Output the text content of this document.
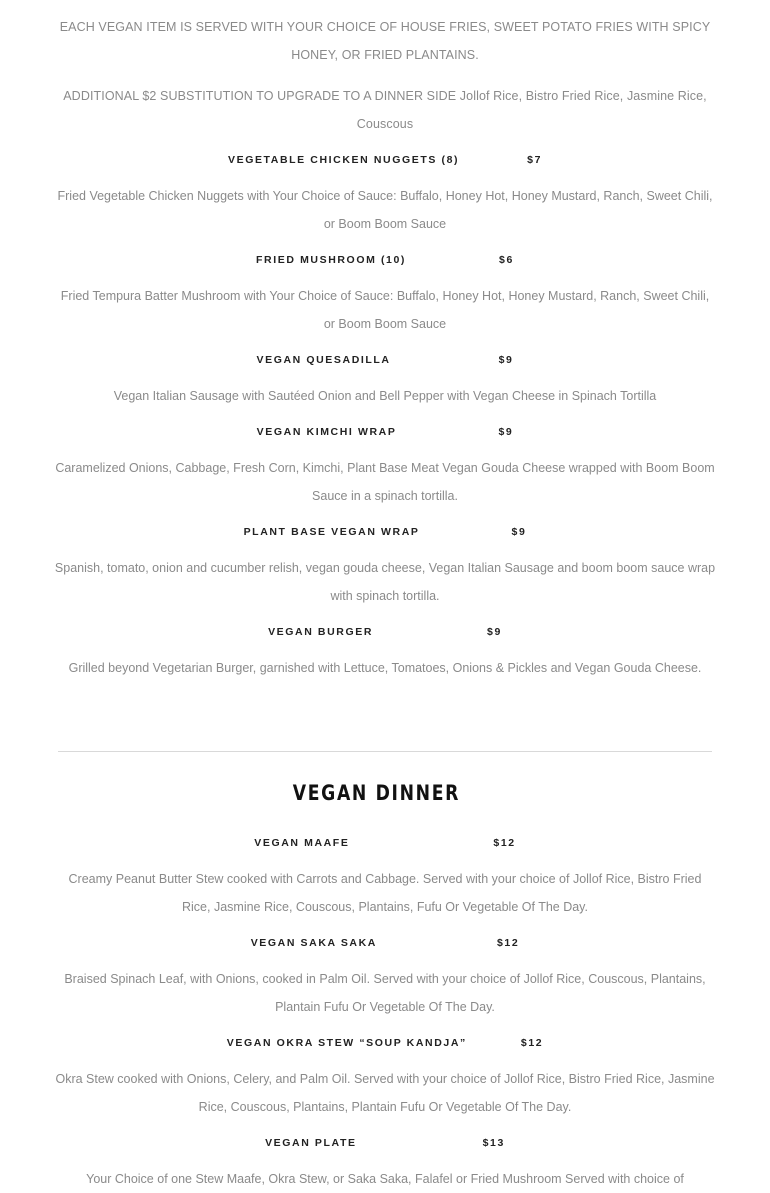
EACH VEGAN ITEM IS SERVED WITH YOUR CHOICE OF HOUSE FRIES, SWEET POTATO FRIES WITH SPICY HONEY, OR FRIED PLANTAINS.

ADDITIONAL $2 SUBSTITUTION TO UPGRADE TO A DINNER SIDE Jollof Rice, Bistro Fried Rice, Jasmine Rice, Couscous

VEGETABLE CHICKEN NUGGETS (8)	$7

Fried Vegetable Chicken Nuggets with Your Choice of Sauce: Buffalo, Honey Hot, Honey Mustard, Ranch, Sweet Chili, or Boom Boom Sauce

FRIED MUSHROOM (10)	$6

Fried Tempura Batter Mushroom with Your Choice of Sauce: Buffalo, Honey Hot, Honey Mustard, Ranch, Sweet Chili, or Boom Boom Sauce

VEGAN QUESADILLA	$9

Vegan Italian Sausage with Sautéed Onion and Bell Pepper with Vegan Cheese in Spinach Tortilla

VEGAN KIMCHI WRAP	$9

Caramelized Onions, Cabbage, Fresh Corn, Kimchi, Plant Base Meat Vegan Gouda Cheese wrapped with Boom Boom Sauce in a spinach tortilla.

PLANT BASE VEGAN WRAP	$9

Spanish, tomato, onion and cucumber relish, vegan gouda cheese, Vegan Italian Sausage and boom boom sauce wrap with spinach tortilla.

VEGAN BURGER	$9

Grilled beyond Vegetarian Burger, garnished with Lettuce, Tomatoes, Onions & Pickles and Vegan Gouda Cheese.

VEGAN DINNER

VEGAN MAAFE	$12

Creamy Peanut Butter Stew cooked with Carrots and Cabbage. Served with your choice of Jollof Rice, Bistro Fried Rice, Jasmine Rice, Couscous, Plantains, Fufu Or Vegetable Of The Day.

VEGAN SAKA SAKA	$12

Braised Spinach Leaf, with Onions, cooked in Palm Oil. Served with your choice of Jollof Rice, Couscous, Plantains, Plantain Fufu Or Vegetable Of The Day.

VEGAN OKRA STEW “SOUP KANDJA”	$12

Okra Stew cooked with Onions, Celery, and Palm Oil. Served with your choice of Jollof Rice, Bistro Fried Rice, Jasmine Rice, Couscous, Plantains, Plantain Fufu Or Vegetable Of The Day.

VEGAN PLATE	$13

Your Choice of one Stew Maafe, Okra Stew, or Saka Saka, Falafel or Fried Mushroom Served with choice of
